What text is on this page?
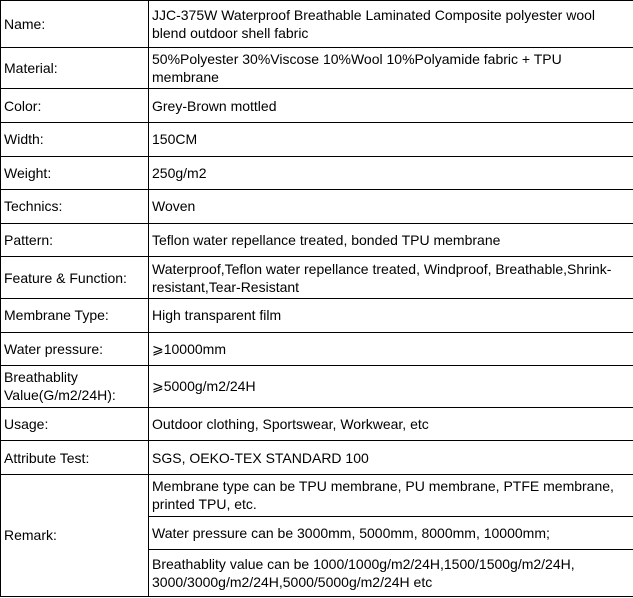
Name:	JJC-375W Waterproof Breathable Laminated Composite polyester wool blend outdoor shell fabric
Material:	50%Polyester 30%Viscose 10%Wool 10%Polyamide fabric + TPU membrane
Color:	Grey-Brown mottled
Width:	150CM
Weight:	250g/m2
Technics:	Woven
Pattern:	Teflon water repellance treated, bonded TPU membrane
Feature & Function:	Waterproof,Teflon water repellance treated, Windproof, Breathable,Shrink-resistant,Tear-Resistant
Membrane Type:	High transparent film
Water pressure:	⩾10000mm
Breathablity Value(G/m2/24H):	⩾5000g/m2/24H
Usage:	Outdoor clothing, Sportswear, Workwear, etc
Attribute Test:	SGS, OEKO-TEX STANDARD 100
Remark:	Membrane type can be TPU membrane, PU membrane, PTFE membrane, printed TPU, etc.
	Water pressure can be 3000mm, 5000mm, 8000mm, 10000mm;
	Breathablity value can be 1000/1000g/m2/24H,1500/1500g/m2/24H, 3000/3000g/m2/24H,5000/5000g/m2/24H etc
